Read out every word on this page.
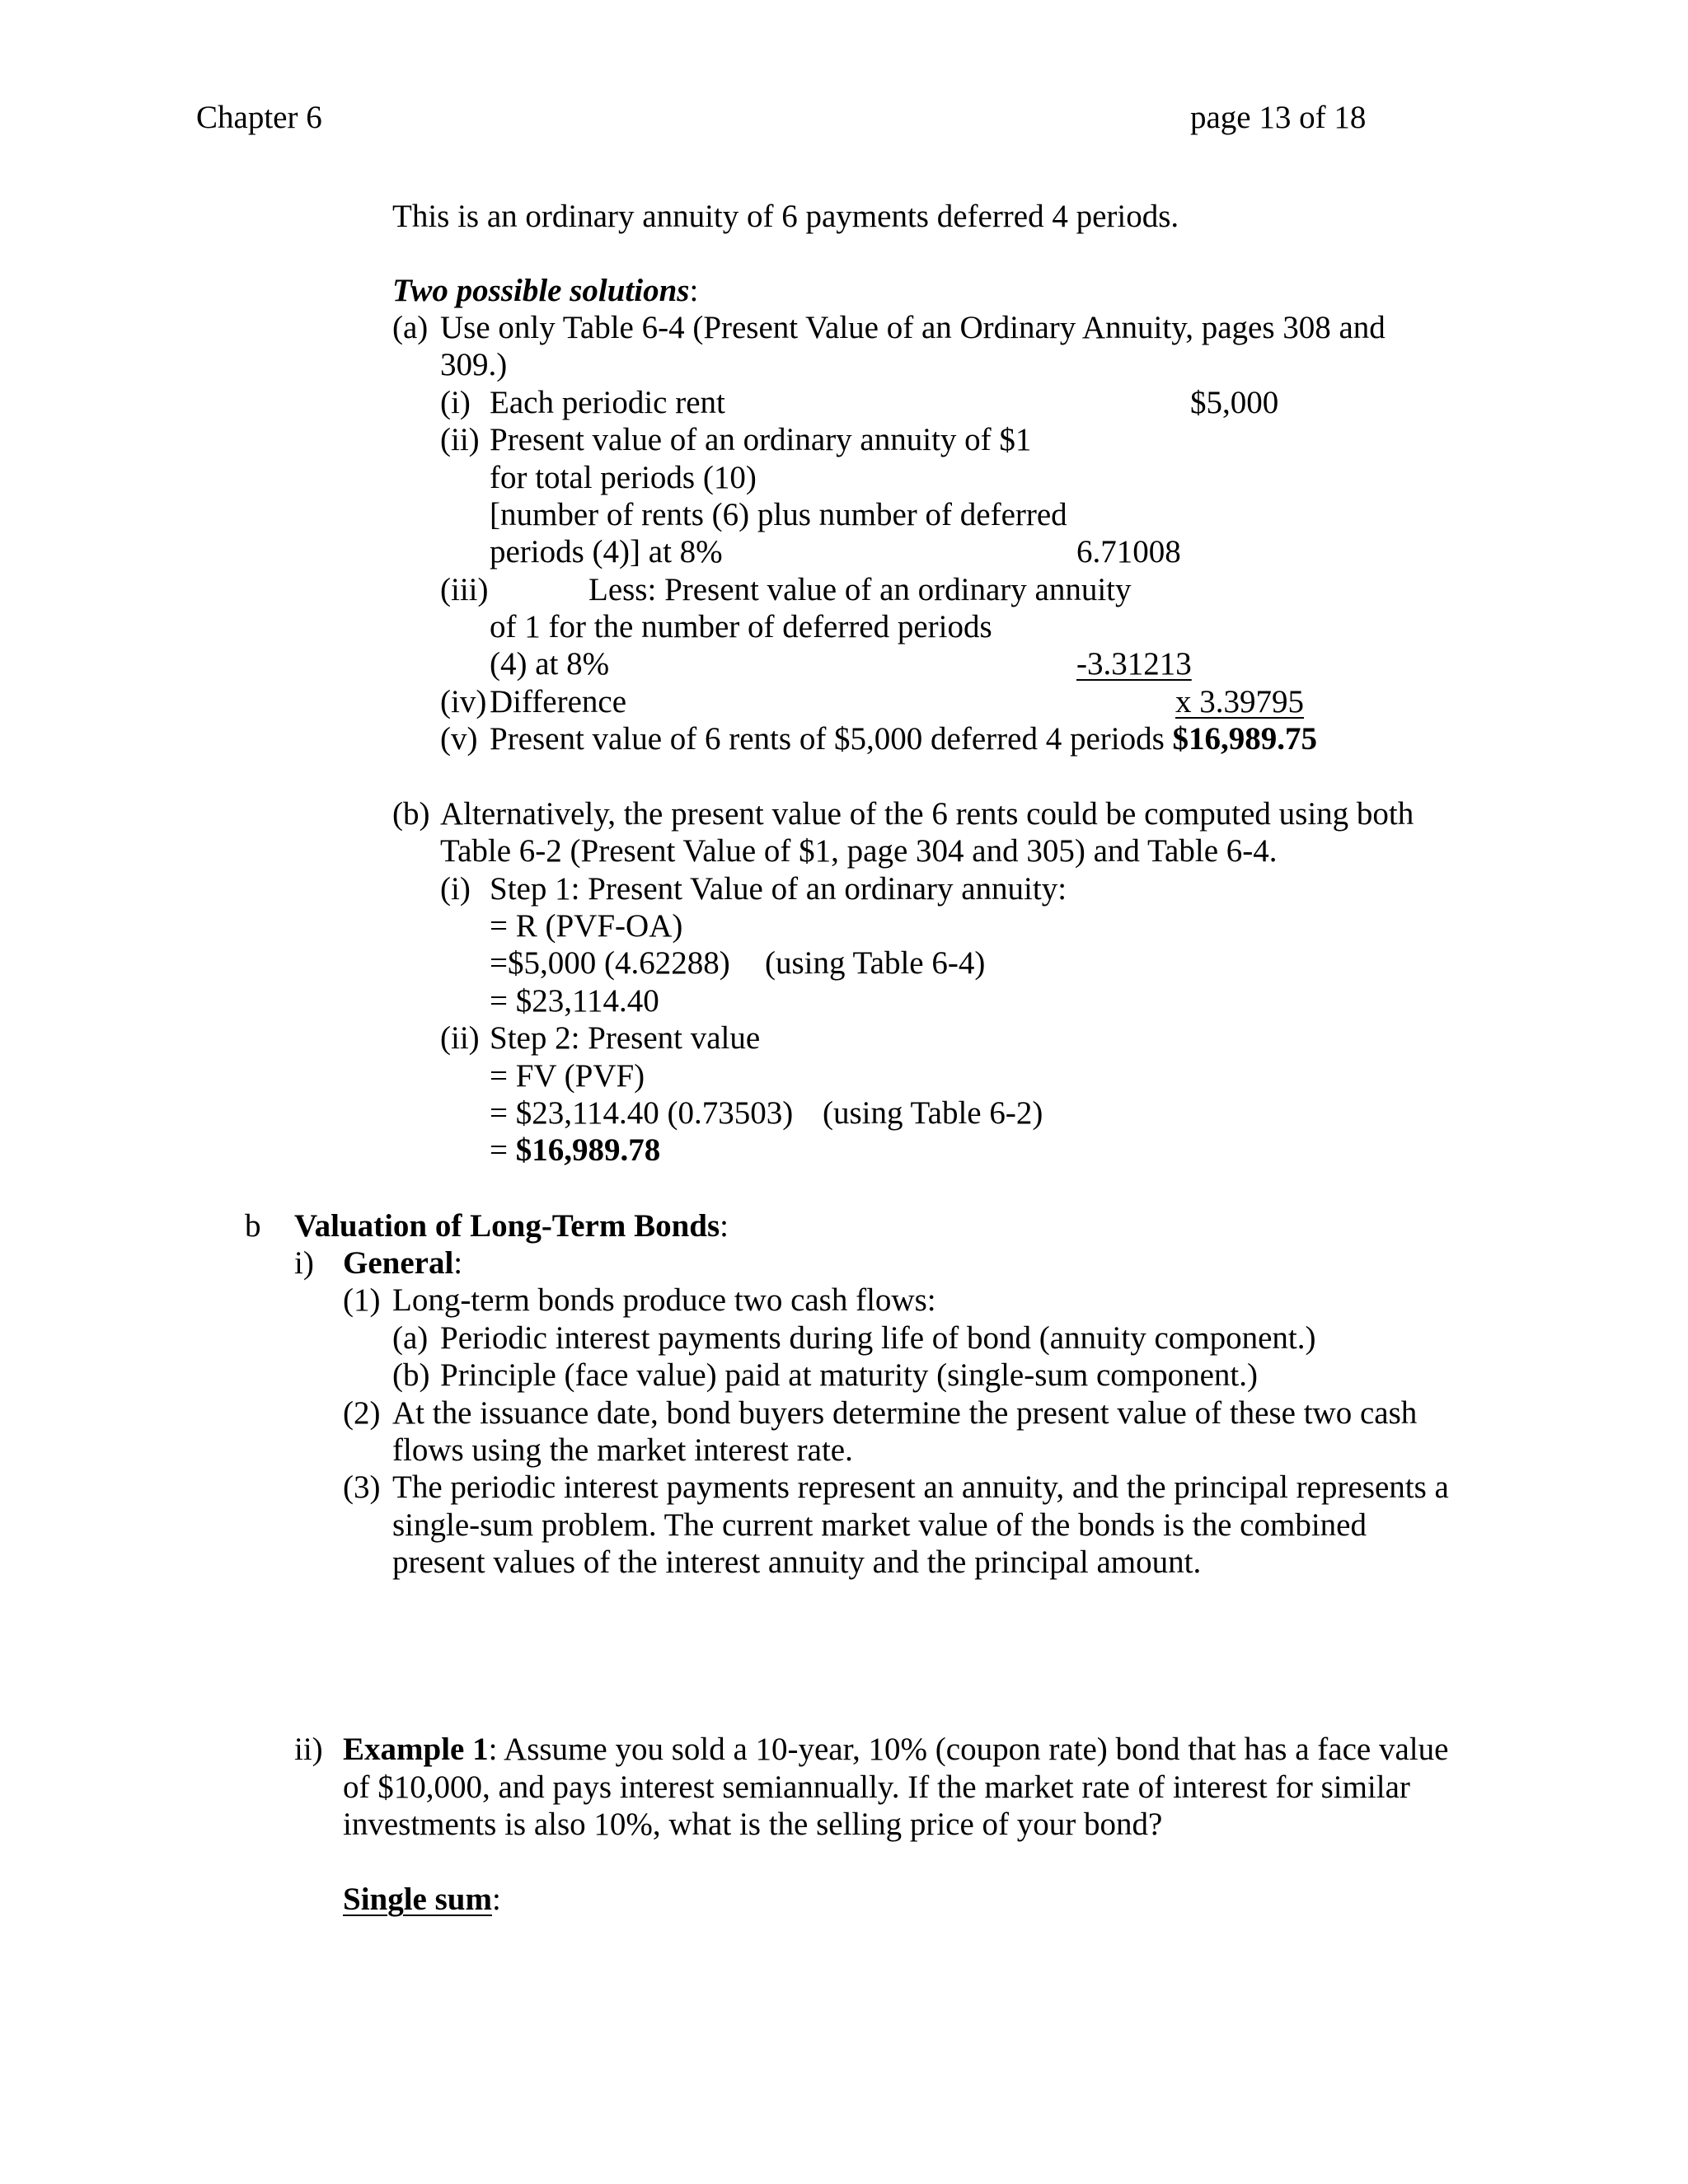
Chapter 6	page 13 of 18
This is an ordinary annuity of 6 payments deferred 4 periods.
Two possible solutions:
(a) Use only Table 6-4 (Present Value of an Ordinary Annuity, pages 308 and
309.)
(i) Each periodic rent	$5,000
(ii) Present value of an ordinary annuity of $1
for total periods (10)
[number of rents (6) plus number of deferred
periods (4)] at 8%	6.71008
(iii)	Less: Present value of an ordinary annuity
of 1 for the number of deferred periods
(4) at 8%	-3.31213
(iv) Difference	x 3.39795
(v) Present value of 6 rents of $5,000 deferred 4 periods $16,989.75
(b) Alternatively, the present value of the 6 rents could be computed using both
Table 6-2 (Present Value of $1, page 304 and 305) and Table 6-4.
(i) Step 1: Present Value of an ordinary annuity:
= R (PVF-OA)
=$5,000 (4.62288) (using Table 6-4)
= $23,114.40
(ii) Step 2: Present value
= FV (PVF)
= $23,114.40 (0.73503) (using Table 6-2)
= $16,989.78
b Valuation of Long-Term Bonds:
i) General:
(1) Long-term bonds produce two cash flows:
(a) Periodic interest payments during life of bond (annuity component.)
(b) Principle (face value) paid at maturity (single-sum component.)
(2) At the issuance date, bond buyers determine the present value of these two cash
flows using the market interest rate.
(3) The periodic interest payments represent an annuity, and the principal represents a
single-sum problem. The current market value of the bonds is the combined
present values of the interest annuity and the principal amount.
ii) Example 1: Assume you sold a 10-year, 10% (coupon rate) bond that has a face value
of $10,000, and pays interest semiannually. If the market rate of interest for similar
investments is also 10%, what is the selling price of your bond?
Single sum:
